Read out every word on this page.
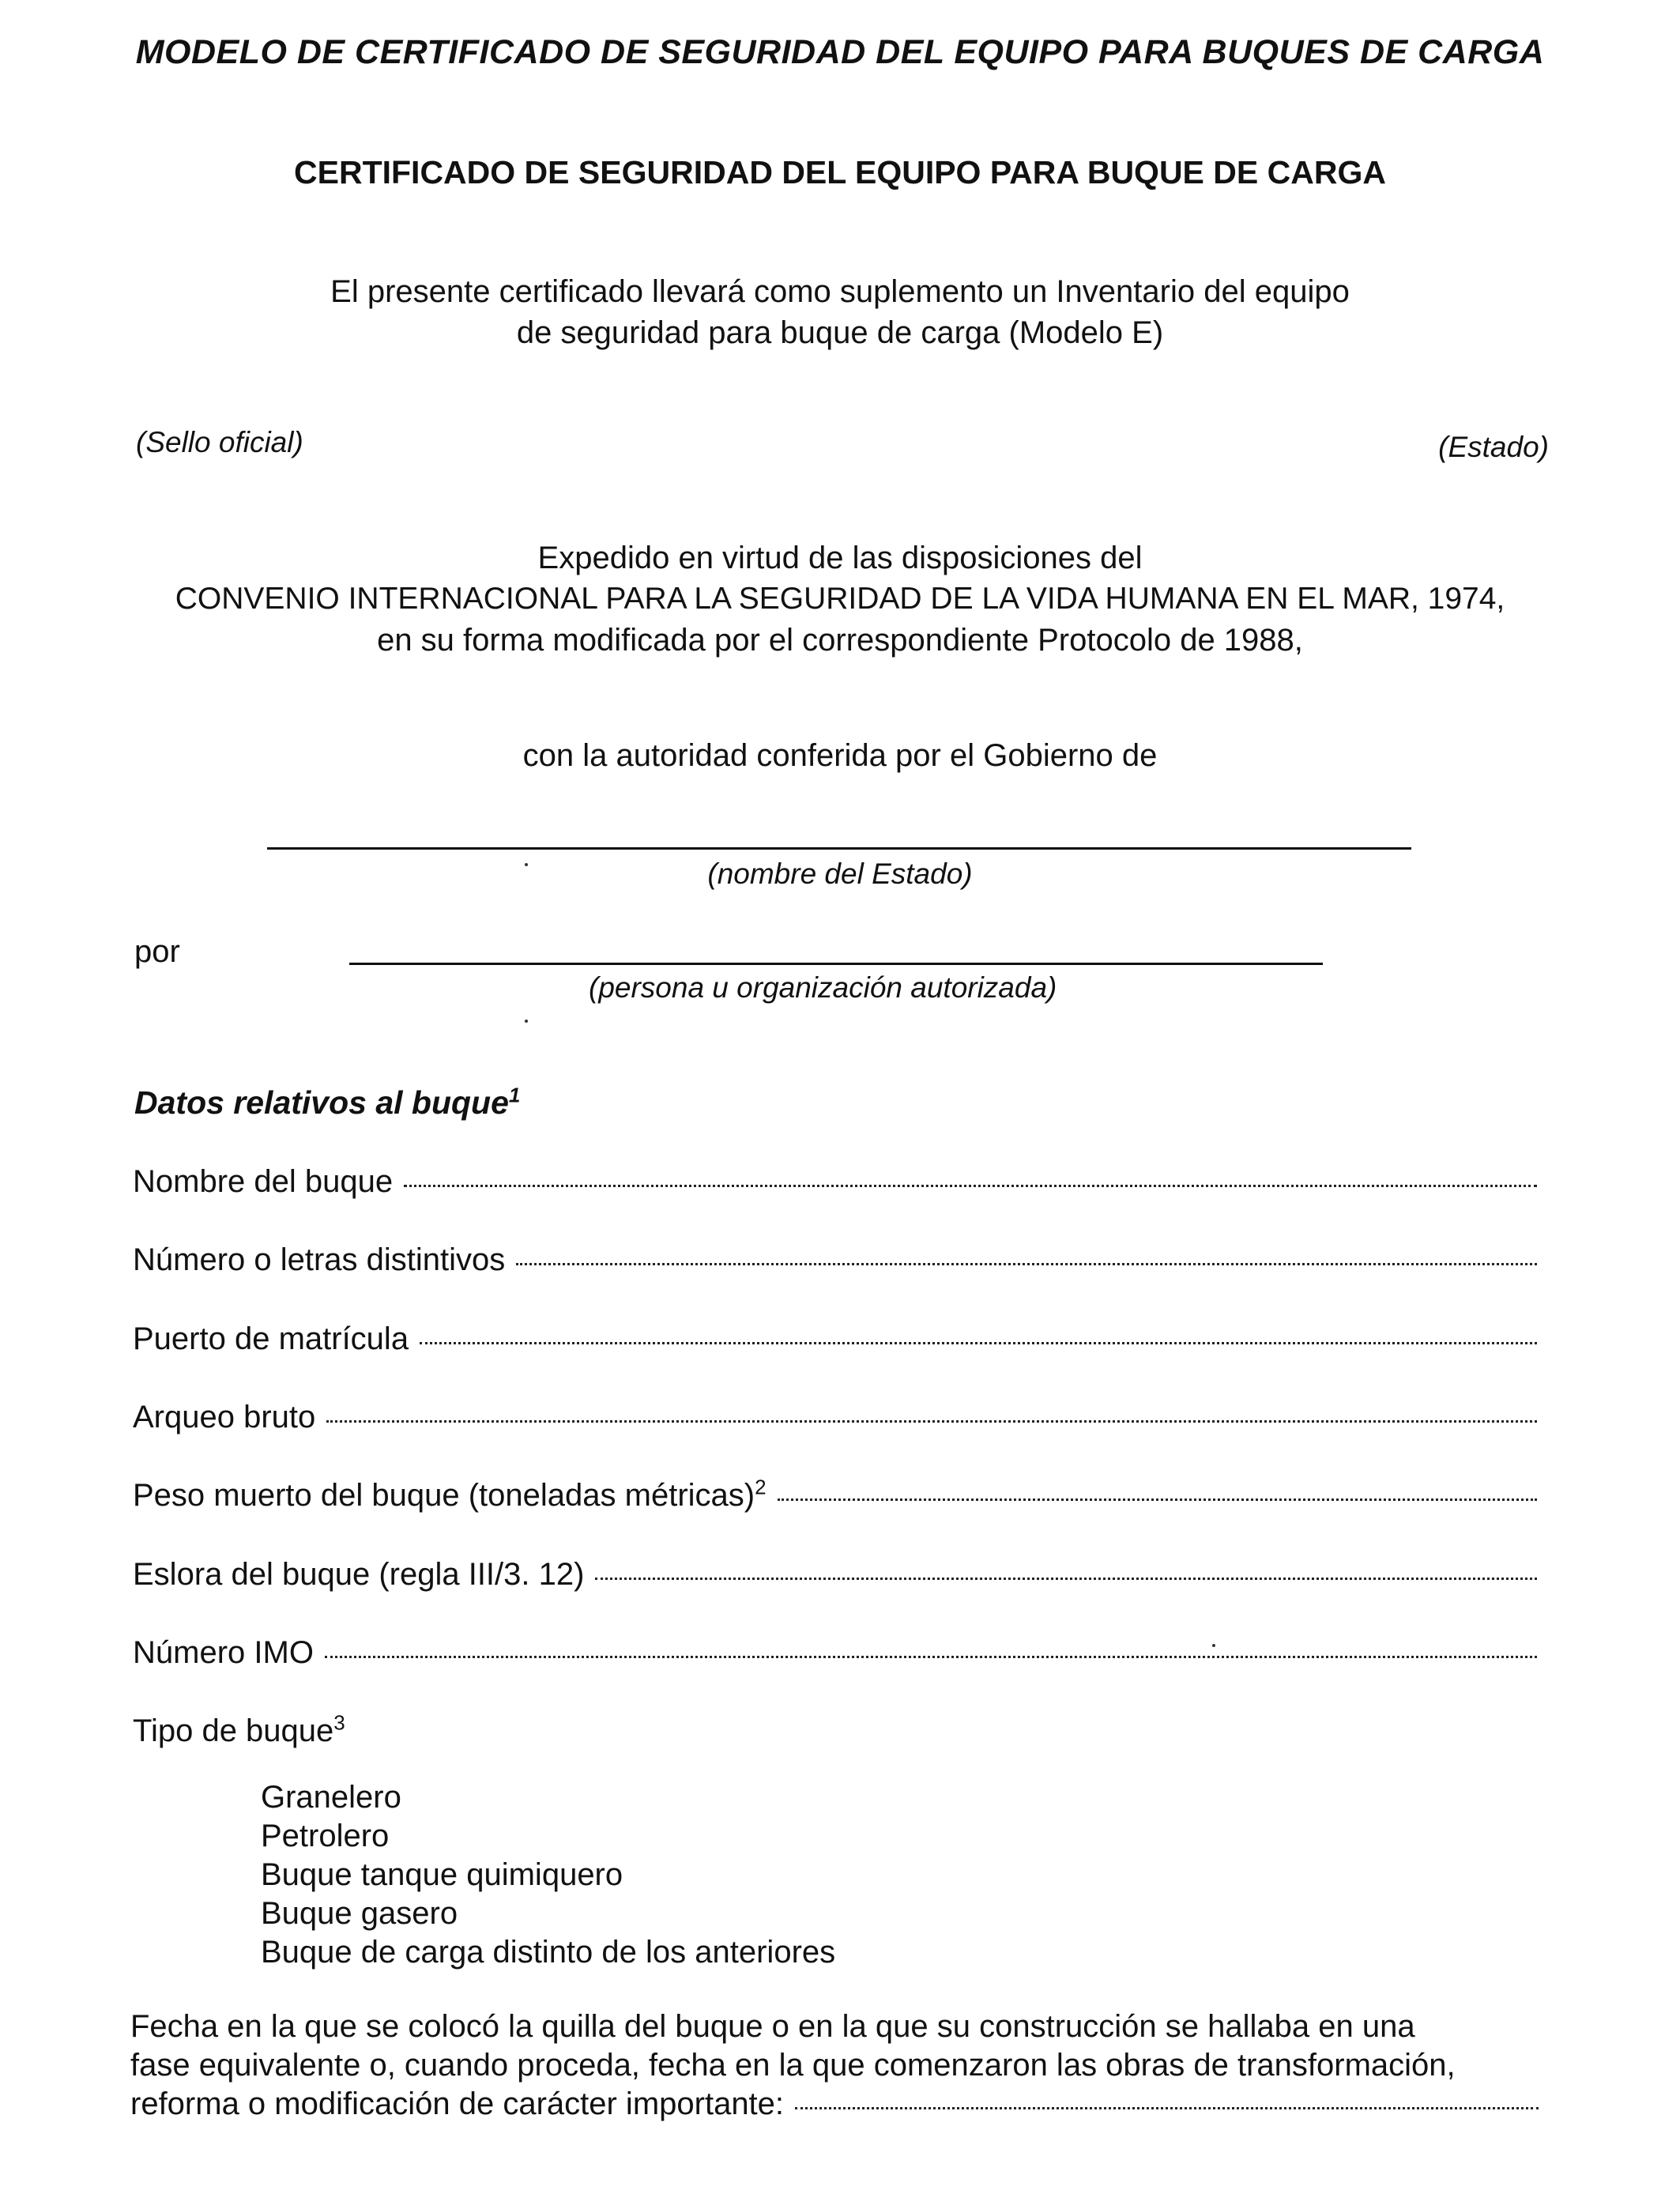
MODELO DE CERTIFICADO DE SEGURIDAD DEL EQUIPO PARA BUQUES DE CARGA
CERTIFICADO DE SEGURIDAD DEL EQUIPO PARA BUQUE DE CARGA
El presente certificado llevará como suplemento un Inventario del equipo
de seguridad para buque de carga (Modelo E)
(Sello oficial)	(Estado)
Expedido en virtud de las disposiciones del
CONVENIO INTERNACIONAL PARA LA SEGURIDAD DE LA VIDA HUMANA EN EL MAR, 1974,
en su forma modificada por el correspondiente Protocolo de 1988,
con la autoridad conferida por el Gobierno de
(nombre del Estado)
por
(persona u organización autorizada)
Datos relativos al buque$^1$
Nombre del buque
Número o letras distintivos
Puerto de matrícula
Arqueo bruto
Peso muerto del buque (toneladas métricas)$^2$
Eslora del buque (regla III/3. 12)
Número IMO
Tipo de buque$^3$
Granelero
Petrolero
Buque tanque quimiquero
Buque gasero
Buque de carga distinto de los anteriores
Fecha en la que se colocó la quilla del buque o en la que su construcción se hallaba en una
fase equivalente o, cuando proceda, fecha en la que comenzaron las obras de transformación,
reforma o modificación de carácter importante:
